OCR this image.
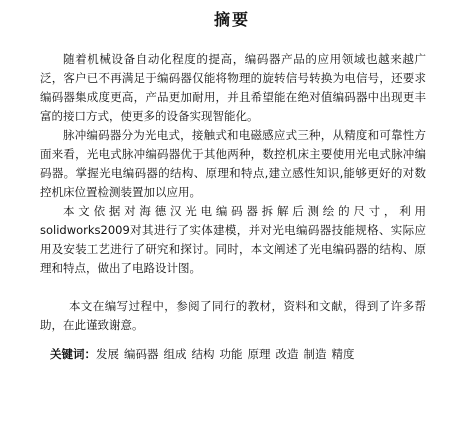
摘要

随着机械设备自动化程度的提高，编码器产品的应用领域也越来越广泛，客户已不再满足于编码器仅能将物理的旋转信号转换为电信号，还要求编码器集成度更高，产品更加耐用，并且希望能在绝对值编码器中出现更丰富的接口方式，使更多的设备实现智能化。

脉冲编码器分为光电式，接触式和电磁感应式三种，从精度和可靠性方面来看，光电式脉冲编码器优于其他两种，数控机床主要使用光电式脉冲编码器。掌握光电编码器的结构、原理和特点,建立感性知识,能够更好的对数控机床位置检测装置加以应用。

本文依据对海德汉光电编码器拆解后测绘的尺寸，利用 solidworks2009对其进行了实体建模，并对光电编码器技能规格、实际应用及安装工艺进行了研究和探讨。同时，本文阐述了光电编码器的结构、原理和特点，做出了电路设计图。

本文在编写过程中，参阅了同行的教材，资料和文献，得到了许多帮助，在此谨致谢意。

关键词：发展 编码器 组成 结构 功能 原理 改造 制造 精度
